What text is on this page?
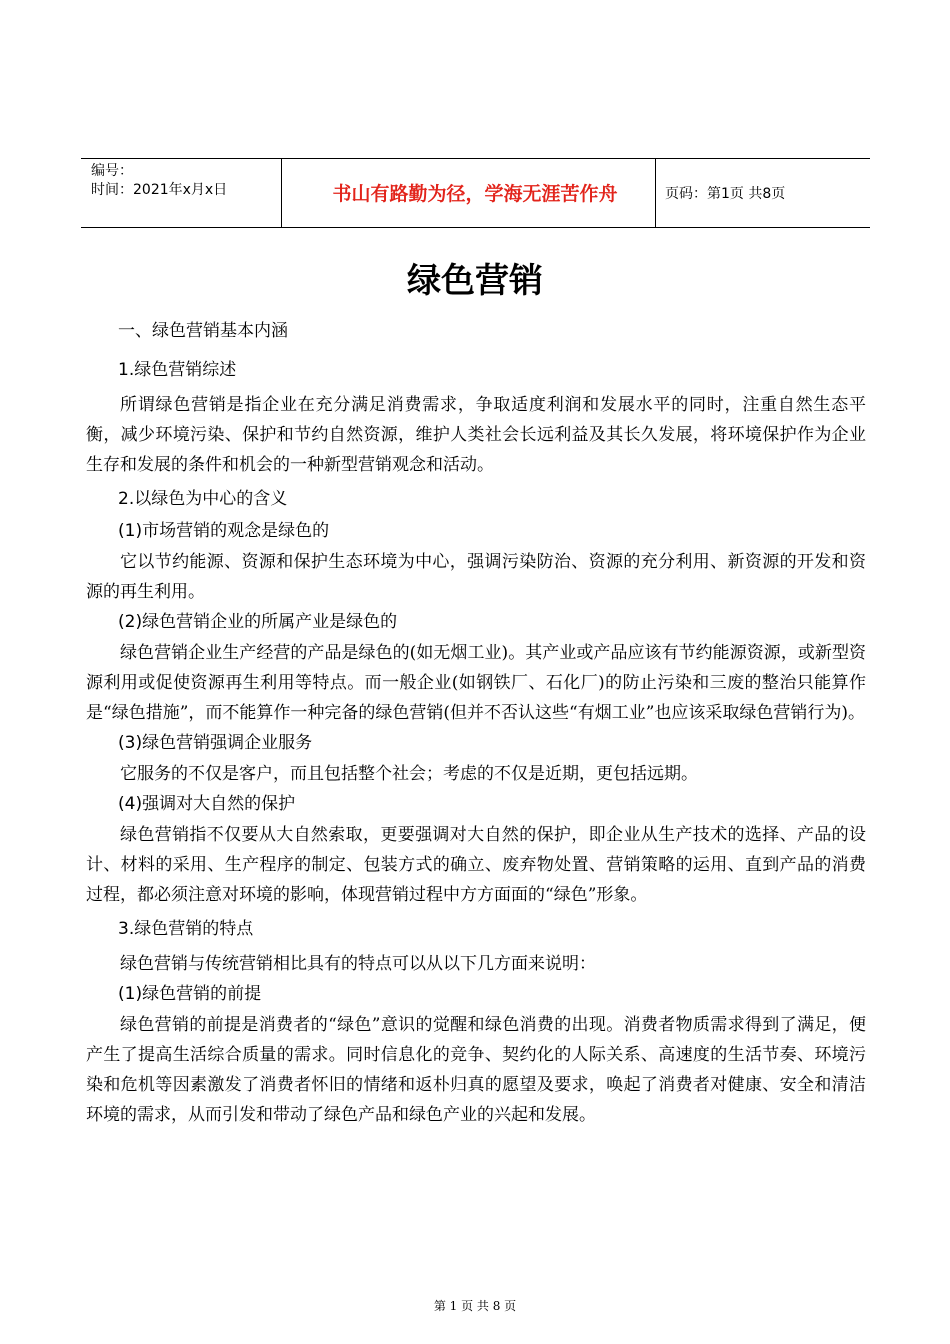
编号：
时间：2021年x月x日	书山有路勤为径，学海无涯苦作舟	页码：第1页 共8页
绿色营销
一、绿色营销基本内涵
1.绿色营销综述

所谓绿色营销是指企业在充分满足消费需求，争取适度利润和发展水平的同时，注重自然生态平衡，减少环境污染、保护和节约自然资源，维护人类社会长远利益及其长久发展，将环境保护作为企业生存和发展的条件和机会的一种新型营销观念和活动。

2.以绿色为中心的含义
(1)市场营销的观念是绿色的

它以节约能源、资源和保护生态环境为中心，强调污染防治、资源的充分利用、新资源的开发和资源的再生利用。

(2)绿色营销企业的所属产业是绿色的

绿色营销企业生产经营的产品是绿色的(如无烟工业)。其产业或产品应该有节约能源资源，或新型资源利用或促使资源再生利用等特点。而一般企业(如钢铁厂、石化厂)的防止污染和三废的整治只能算作是“绿色措施”，而不能算作一种完备的绿色营销(但并不否认这些“有烟工业”也应该采取绿色营销行为)。

(3)绿色营销强调企业服务

它服务的不仅是客户，而且包括整个社会；考虑的不仅是近期，更包括远期。

(4)强调对大自然的保护

绿色营销指不仅要从大自然索取，更要强调对大自然的保护，即企业从生产技术的选择、产品的设计、材料的采用、生产程序的制定、包装方式的确立、废弃物处置、营销策略的运用、直到产品的消费过程，都必须注意对环境的影响，体现营销过程中方方面面的“绿色”形象。

3.绿色营销的特点

绿色营销与传统营销相比具有的特点可以从以下几方面来说明：

(1)绿色营销的前提

绿色营销的前提是消费者的“绿色”意识的觉醒和绿色消费的出现。消费者物质需求得到了满足，便产生了提高生活综合质量的需求。同时信息化的竞争、契约化的人际关系、高速度的生活节奏、环境污染和危机等因素激发了消费者怀旧的情绪和返朴归真的愿望及要求，唤起了消费者对健康、安全和清洁环境的需求，从而引发和带动了绿色产品和绿色产业的兴起和发展。

第 1 页 共 8 页
